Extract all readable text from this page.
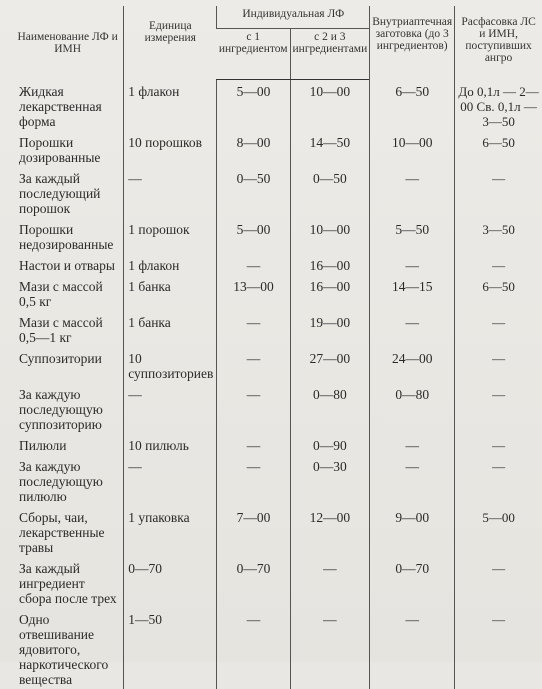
Наименование ЛФ и ИМН	Единица измерения	Индивидуальная ЛФ		Внутриаптечная заготовка (до 3 ингредиентов)	Расфасовка ЛС и ИМН, поступивших ангро
		с 1 ингредиентом	с 2 и 3 ингредиентами		
Жидкая лекарственная форма	1 флакон	5—00	10—00	6—50	До 0,1л — 2—00 Св. 0,1л — 3—50
Порошки дозированные	10 порошков	8—00	14—50	10—00	6—50
За каждый последующий порошок	—	0—50	0—50	—	—
Порошки недозированные	1 порошок	5—00	10—00	5—50	3—50
Настои и отвары	1 флакон	—	16—00	—	—
Мази с массой 0,5 кг	1 банка	13—00	16—00	14—15	6—50
Мази с массой 0,5—1 кг	1 банка	—	19—00	—	—
Суппозитории	10 суппозиториев	—	27—00	24—00	—
За каждую последующую суппозиторию	—	—	0—80	0—80	—
Пилюли	10 пилюль	—	0—90	—	—
За каждую последующую пилюлю	—	—	0—30	—	—
Сборы, чаи, лекарственные травы	1 упаковка	7—00	12—00	9—00	5—00
За каждый ингредиент сбора после трех	0—70	0—70	—	0—70	—
Одно отвешивание ядовитого, наркотического вещества	1—50	—	—	—	—
